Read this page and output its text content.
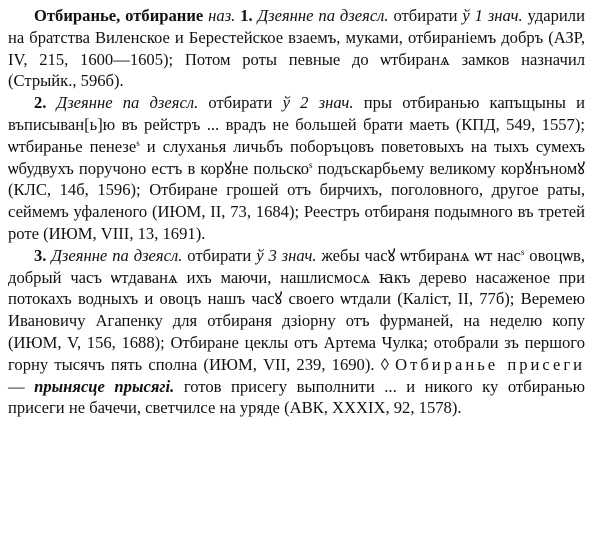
Отбиранье, отбирание наз. 1. Дзеянне па дзеясл. отбирати ў 1 знач. ударили на братства Виленское и Берестейское взаемъ, муками, отбираніемъ добръ (АЗР, IV, 215, 1600—1605); Потом роты певные до ѡтбиранѧ замков назначил (Стрыйк., 596б).

2. Дзеянне па дзеясл. отбирати ў 2 знач. пры отбиранью капъщыны и въписыван[ь]ю въ рейстръ ... врадъ не большей брати маеть (КПД, 549, 1557); ѡтбиранье пенезе$^s$ и слуханья личьбъ поборъцовъ поветовыхъ на тыхъ сумехъ ѡбудвухъ поручоно естъ в корꙋне польско$^s$ подъскарбьему великому корꙋнъномꙋ (КЛС, 14б, 1596); Отбиране грошей отъ бирчихъ, поголовного, другое раты, сеймемъ уфаленого (ИЮМ, II, 73, 1684); Реестръ отбираня подымного въ третей роте (ИЮМ, VIII, 13, 1691).

3. Дзеянне па дзеясл. отбирати ў 3 знач. жебы часꙋ ѡтбиранѧ ѡт нас$^s$ овоцѡв, добрый часъ ѡтдаванѧ ихъ маючи, нашлисмосѧ ꙗкъ дерево насаженое при потокахъ водныхъ и овоцъ нашъ часꙋ своего ѡтдали (Каліст, II, 77б); Веремею Ивановичу Агапенку для отбираня дзіорну отъ фурманей, на неделю копу (ИЮМ, V, 156, 1688); Отбиране цеклы отъ Артема Чулка; отобрали зъ першого горну тысячъ пять сполна (ИЮМ, VII, 239, 1690). ◊ Отбиранье присеги — прынясце прысягі. готов присегу выполнити ... и никого ку отбиранью присеги не бачечи, светчилсе на уряде (АВК, XXXIX, 92, 1578).
